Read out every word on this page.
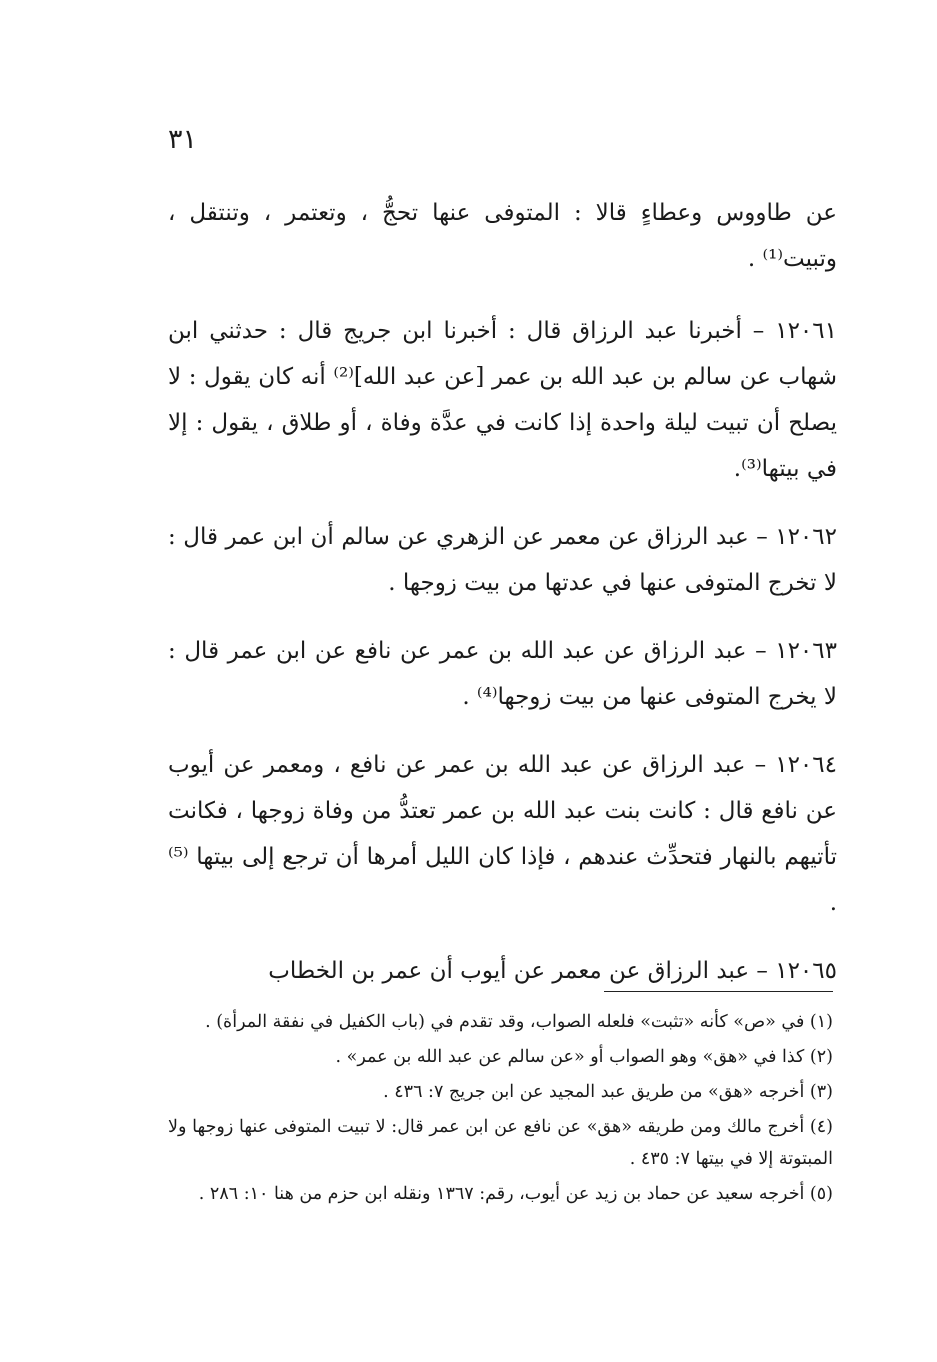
٣١

عن طاووس وعطاءٍ قالا : المتوفى عنها تحجُّ ، وتعتمر ، وتنتقل ، وتبيت⁽¹⁾ .

١٢٠٦١ – أخبرنا عبد الرزاق قال : أخبرنا ابن جريج قال : حدثني ابن شهاب عن سالم بن عبد الله بن عمر [عن عبد الله]⁽²⁾ أنه كان يقول : لا يصلح أن تبيت ليلة واحدة إذا كانت في عدَّة وفاة ، أو طلاق ، يقول : إلا في بيتها⁽³⁾.

١٢٠٦٢ – عبد الرزاق عن معمر عن الزهري عن سالم أن ابن عمر قال : لا تخرج المتوفى عنها في عدتها من بيت زوجها .

١٢٠٦٣ – عبد الرزاق عن عبد الله بن عمر عن نافع عن ابن عمر قال : لا يخرج المتوفى عنها من بيت زوجها⁽⁴⁾ .

١٢٠٦٤ – عبد الرزاق عن عبد الله بن عمر عن نافع ، ومعمر عن أيوب عن نافع قال : كانت بنت عبد الله بن عمر تعتدُّ من وفاة زوجها ، فكانت تأتيهم بالنهار فتحدِّث عندهم ، فإذا كان الليل أمرها أن ترجع إلى بيتها ⁽⁵⁾ .

١٢٠٦٥ – عبد الرزاق عن معمر عن أيوب أن عمر بن الخطاب

(١) في «ص» كأنه «تثبت» فلعله الصواب، وقد تقدم في (باب الكفيل في نفقة المرأة) .

(٢) كذا في «هق» وهو الصواب أو «عن سالم عن عبد الله بن عمر» .

(٣) أخرجه «هق» من طريق عبد المجيد عن ابن جريج ٧: ٤٣٦ .

(٤) أخرج مالك ومن طريقه «هق» عن نافع عن ابن عمر قال: لا تبيت المتوفى عنها زوجها ولا المبتوتة إلا في بيتها ٧: ٤٣٥ .

(٥) أخرجه سعيد عن حماد بن زيد عن أيوب، رقم: ١٣٦٧ ونقله ابن حزم من هنا ١٠: ٢٨٦ .
